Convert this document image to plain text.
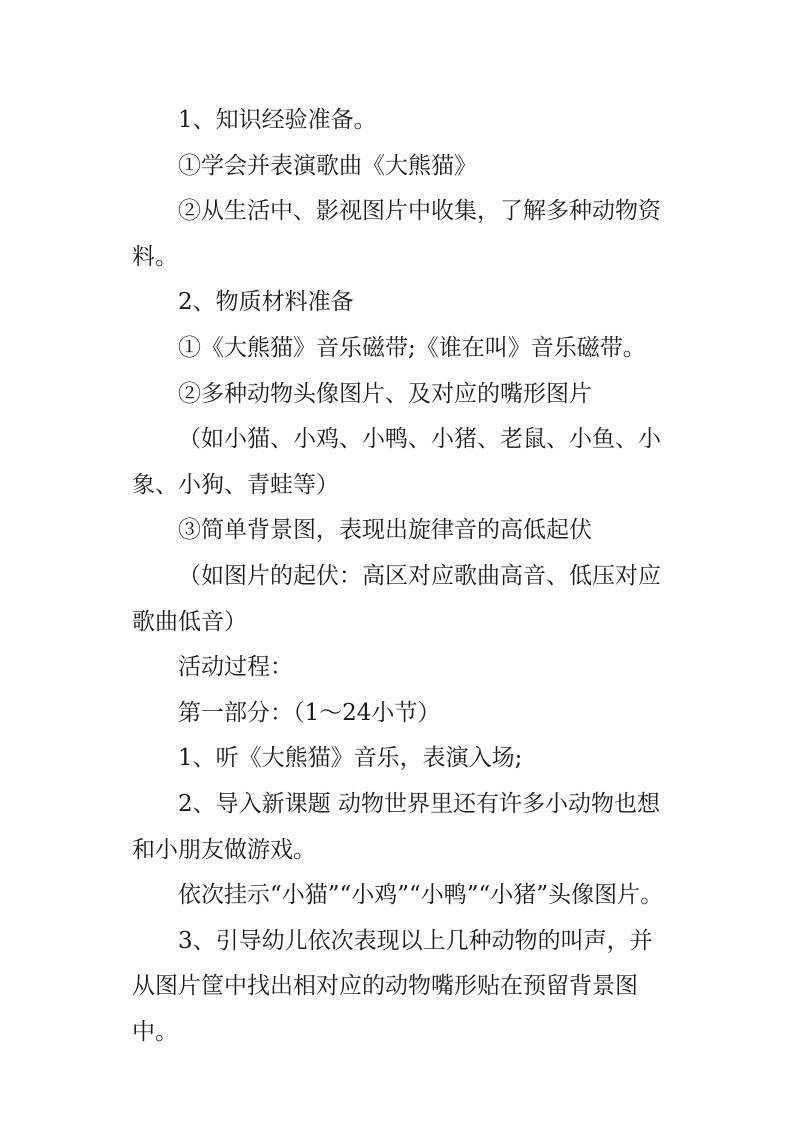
1、知识经验准备。

①学会并表演歌曲《大熊猫》

②从生活中、影视图片中收集，了解多种动物资料。

2、物质材料准备

①《大熊猫》音乐磁带;《谁在叫》音乐磁带。

②多种动物头像图片、及对应的嘴形图片

（如小猫、小鸡、小鸭、小猪、老鼠、小鱼、小象、小狗、青蛙等）

③简单背景图，表现出旋律音的高低起伏

（如图片的起伏：高区对应歌曲高音、低压对应歌曲低音）

活动过程：

第一部分：（1～24小节）

1、听《大熊猫》音乐，表演入场;

2、导入新课题 动物世界里还有许多小动物也想和小朋友做游戏。

依次挂示“小猫”“小鸡”“小鸭”“小猪”头像图片。

3、引导幼儿依次表现以上几种动物的叫声，并从图片筐中找出相对应的动物嘴形贴在预留背景图中。
